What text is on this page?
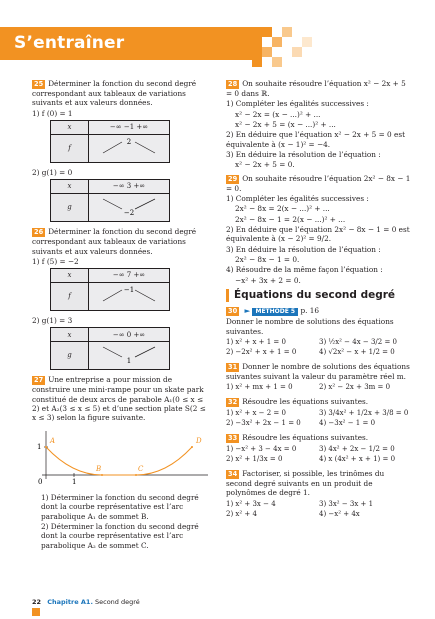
S’entraîner
25 Déterminer la fonction du second degré correspondant aux tableaux de variations suivants et aux valeurs données.
1) f (0) = 1
x	−∞ −1 +∞
f	2
2) g(1) = 0
x	−∞ 3 +∞
g	−2
26 Déterminer la fonction du second degré correspondant aux tableaux de variations suivants et aux valeurs données.
1) f (5) = −2
x	−∞ 7 +∞
f	−1
2) g(1) = 3
x	−∞ 0 +∞
g	1
27 Une entreprise a pour mission de construire une mini-rampe pour un skate park constitué de deux arcs de parabole A₁(0 ≤ x ≤ 2) et A₂(3 ≤ x ≤ 5) et d’une section plate S(2 ≤ x ≤ 3) selon la figure suivante.
A	D
B	C
1
0	1
1) Déterminer la fonction du second degré dont la courbe représentative est l’arc parabolique A₁ de sommet B.
2) Déterminer la fonction du second degré dont la courbe représentative est l’arc parabolique A₂ de sommet C.
28 On souhaite résoudre l’équation x² − 2x + 5 = 0 dans ℝ.
1) Compléter les égalités successives :
x² − 2x = (x − ...)² + ...
x² − 2x + 5 = (x − ...)² + ...
2) En déduire que l’équation x² − 2x + 5 = 0 est équivalente à (x − 1)² = −4.
3) En déduire la résolution de l’équation :
x² − 2x + 5 = 0.
29 On souhaite résoudre l’équation 2x² − 8x − 1 = 0.
1) Compléter les égalités successives :
2x² − 8x = 2(x − ...)² + ...
2x² − 8x − 1 = 2(x − ...)² + ...
2) En déduire que l’équation 2x² − 8x − 1 = 0 est équivalente à (x − 2)² = 9/2.
3) En déduire la résolution de l’équation :
2x² − 8x − 1 = 0.
4) Résoudre de la même façon l’équation :
−x² + 3x + 2 = 0.
Équations du second degré
30 ► MÉTHODE 5 p. 16
Donner le nombre de solutions des équations suivantes.
1) x² + x + 1 = 0
2) −2x² + x + 1 = 0
3) ½x² − 4x − 3/2 = 0
4) √2x² − x + 1/2 = 0
31 Donner le nombre de solutions des équations suivantes suivant la valeur du paramètre réel m.
1) x² + mx + 1 = 0	2) x² − 2x + 3m = 0
32 Résoudre les équations suivantes.
1) x² + x − 2 = 0
2) −3x² + 2x − 1 = 0
3) 3/4x² + 1/2x + 3/8 = 0
4) −3x² − 1 = 0
33 Résoudre les équations suivantes.
1) −x² + 3 − 4x = 0
2) x² + 1/3x = 0
3) 4x² + 2x − 1/2 = 0
4) x (4x² + x + 1) = 0
34 Factoriser, si possible, les trinômes du second degré suivants en un produit de polynômes de degré 1.
1) x² + 3x − 4
2) x² + 4
3) 3x² − 3x + 1
4) −x² + 4x
22 Chapitre A1. Second degré
